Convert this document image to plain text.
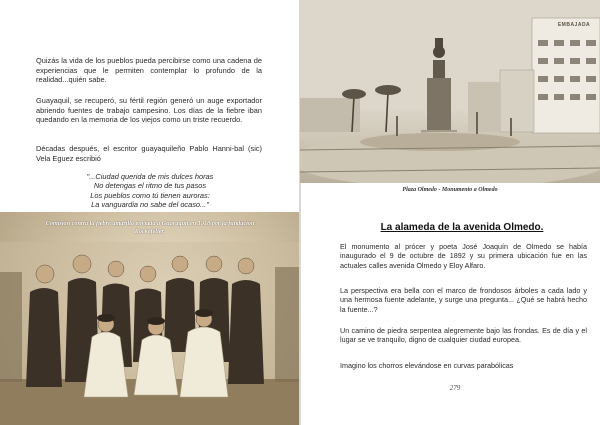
Quizás la vida de los pueblos pueda percibirse como una cadena de experiencias que le permiten contemplar lo profundo de la realidad...quién sabe.

Guayaquil, se recuperó, su fértil región generó un auge exportador abriendo fuentes de trabajo campesino. Los días de la fiebre iban quedando en la memoria de los viejos como un triste recuerdo.

Décadas después, el escritor guayaquileño Pablo Hanni-bal (sic) Vela Eguez escribió

"...Ciudad querida de mis dulces horas
No detengas el ritmo de tus pasos
Los pueblos como tú tienen auroras:
La vanguardia no sabe del ocaso..."
Comisión contra la fiebre amarilla enviada a Guayaquil en 1918 por la fundación Rockefeller.
EMBAJADA
Plaza Olmedo - Monumento a Olmedo
La alameda de la avenida Olmedo.

El monumento al prócer y poeta José Joaquín de Olmedo se había inaugurado el 9 de octubre de 1892 y su primera ubicación fue en las actuales calles avenida Olmedo y Eloy Alfaro.

La perspectiva era bella con el marco de frondosos árboles a cada lado y una hermosa fuente adelante, y surge una pregunta... ¿Qué se habrá hecho la fuente...?

Un camino de piedra serpentea alegremente bajo las frondas. Es de día y el lugar se ve tranquilo, digno de cualquier ciudad europea.

Imagino los chorros elevándose en curvas parabólicas

279
